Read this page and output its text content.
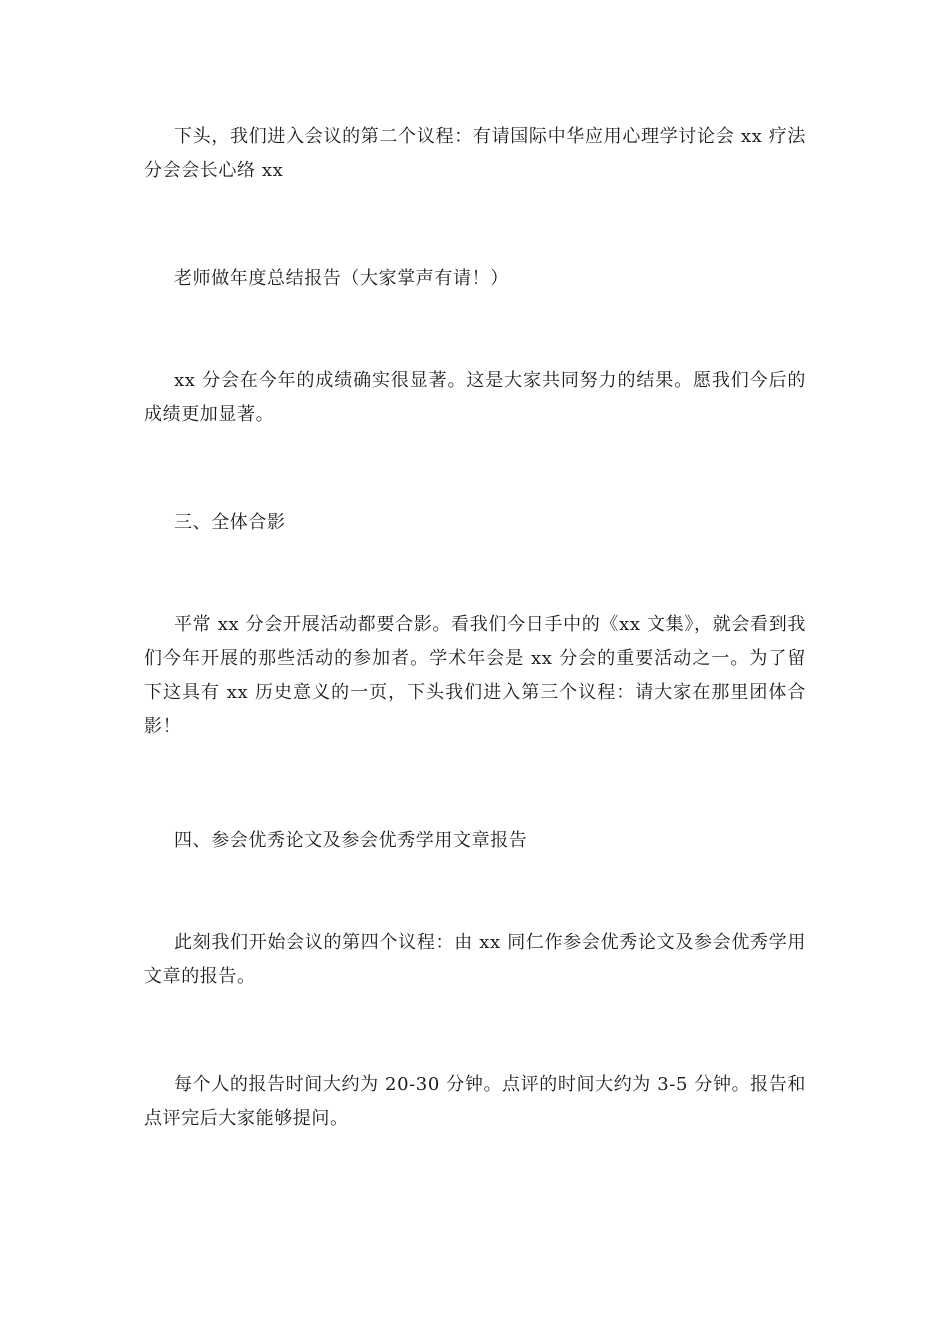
下头，我们进入会议的第二个议程：有请国际中华应用心理学讨论会 xx 疗法分会会长心络 xx

老师做年度总结报告（大家掌声有请！）

xx 分会在今年的成绩确实很显著。这是大家共同努力的结果。愿我们今后的成绩更加显著。

三、全体合影

平常 xx 分会开展活动都要合影。看我们今日手中的《xx 文集》，就会看到我们今年开展的那些活动的参加者。学术年会是 xx 分会的重要活动之一。为了留下这具有 xx 历史意义的一页，下头我们进入第三个议程：请大家在那里团体合影！

四、参会优秀论文及参会优秀学用文章报告

此刻我们开始会议的第四个议程：由 xx 同仁作参会优秀论文及参会优秀学用文章的报告。

每个人的报告时间大约为 20-30 分钟。点评的时间大约为 3-5 分钟。报告和点评完后大家能够提问。
